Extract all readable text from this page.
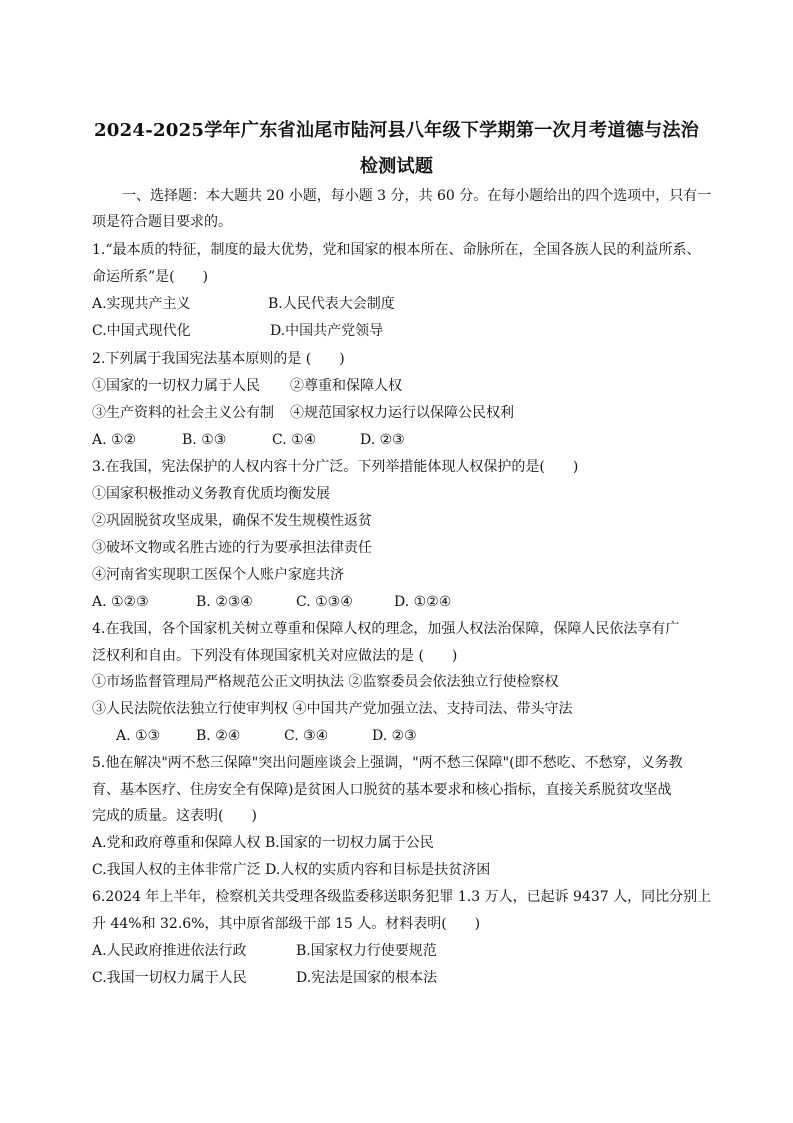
2024-2025学年广东省汕尾市陆河县八年级下学期第一次月考道德与法治
检测试题
一、选择题：本大题共 20 小题，每小题 3 分，共 60 分。在每小题给出的四个选项中，只有一
项是符合题目要求的。
1.“最本质的特征，制度的最大优势，党和国家的根本所在、命脉所在，全国各族人民的利益所系、
命运所系”是(　　)
A.实现共产主义	B.人民代表大会制度
C.中国式现代化	D.中国共产党领导
2.下列属于我国宪法基本原则的是 (　　)
①国家的一切权力属于人民 ②尊重和保障人权
③生产资料的社会主义公有制 ④规范国家权力运行以保障公民权利
A. ①②	B. ①③	C. ①④	D. ②③
3.在我国，宪法保护的人权内容十分广泛。下列举措能体现人权保护的是(　　)
①国家积极推动义务教育优质均衡发展
②巩固脱贫攻坚成果，确保不发生规模性返贫
③破坏文物或名胜古迹的行为要承担法律责任
④河南省实现职工医保个人账户家庭共济
A. ①②③	B. ②③④	C. ①③④	D. ①②④
4.在我国，各个国家机关树立尊重和保障人权的理念，加强人权法治保障，保障人民依法享有广
泛权利和自由。下列没有体现国家机关对应做法的是 (　　)
①市场监督管理局严格规范公正文明执法 ②监察委员会依法独立行使检察权
③人民法院依法独立行使审判权 ④中国共产党加强立法、支持司法、带头守法
A. ①③	B. ②④	C. ③④	D. ②③
5.他在解决"两不愁三保障"突出问题座谈会上强调，"两不愁三保障"(即不愁吃、不愁穿，义务教
育、基本医疗、住房安全有保障)是贫困人口脱贫的基本要求和核心指标，直接关系脱贫攻坚战
完成的质量。这表明(　　)
A.党和政府尊重和保障人权 B.国家的一切权力属于公民
C.我国人权的主体非常广泛 D.人权的实质内容和目标是扶贫济困
6.2024 年上半年，检察机关共受理各级监委移送职务犯罪 1.3 万人，已起诉 9437 人，同比分别上
升 44%和 32.6%，其中原省部级干部 15 人。材料表明(　　)
A.人民政府推进依法行政	B.国家权力行使要规范
C.我国一切权力属于人民	D.宪法是国家的根本法
